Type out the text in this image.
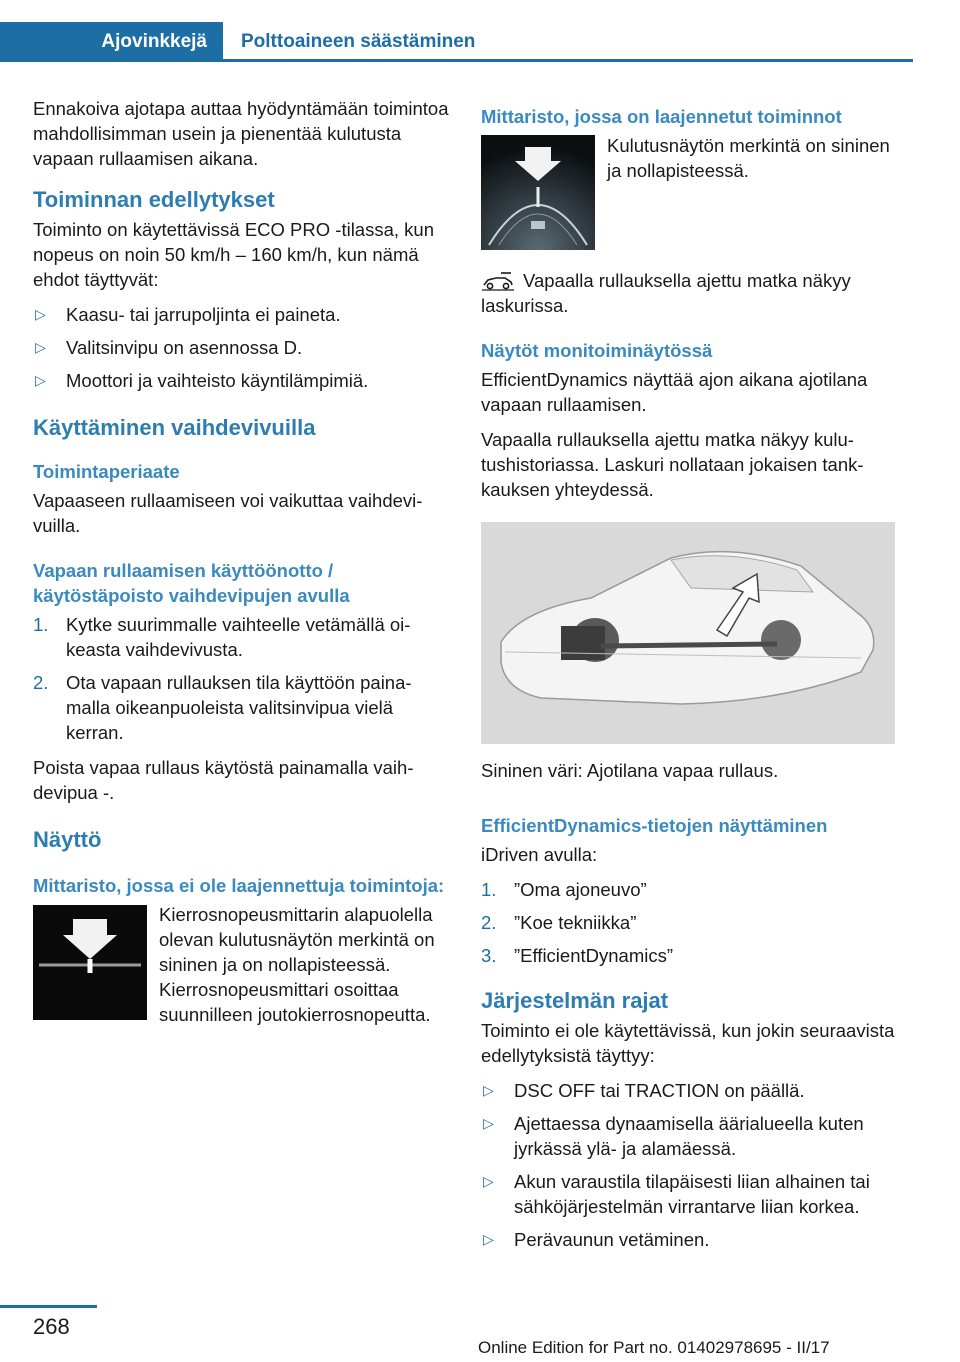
Ajovinkkejä	Polttoaineen säästäminen

Ennakoiva ajotapa auttaa hyödyntämään toimintoa mahdollisimman usein ja pienentää kulutusta vapaan rullaamisen aikana.

Toiminnan edellytykset

Toiminto on käytettävissä ECO PRO -tilassa, kun nopeus on noin 50 km/h – 160 km/h, kun nämä ehdot täyttyvät:

▷ Kaasu- tai jarrupoljinta ei paineta.
▷ Valitsinvipu on asennossa D.
▷ Moottori ja vaihteisto käyntilämpimiä.
Käyttäminen vaihdevivuilla
Toimintaperiaate

Vapaaseen rullaamiseen voi vaikuttaa vaihdevivuilla.

Vapaan rullaamisen käyttöönotto / käytöstäpoisto vaihdevipujen avulla
1. Kytke suurimmalle vaihteelle vetämällä oikeasta vaihdevivusta.
2. Ota vapaan rullauksen tila käyttöön painamalla oikeanpuoleista valitsinvipua vielä kerran.

Poista vapaa rullaus käytöstä painamalla vaihdevipua -.

Näyttö
Mittaristo, jossa ei ole laajennettuja toimintoja:
Kierrosnopeusmittarin alapuolella olevan kulutusnäytön merkintä on sininen ja on nollapisteessä. Kierrosnopeusmittari osoittaa suunnilleen joutokierrosnopeutta.
Mittaristo, jossa on laajennetut toiminnot
Kulutusnäytön merkintä on sininen ja nollapisteessä.

Vapaalla rullauksella ajettu matka näkyy laskurissa.

Näytöt monitoiminäytössä

EfficientDynamics näyttää ajon aikana ajotilana vapaan rullaamisen.

Vapaalla rullauksella ajettu matka näkyy kulutushistoriassa. Laskuri nollataan jokaisen tankkauksen yhteydessä.

Sininen väri: Ajotilana vapaa rullaus.

EfficientDynamics-tietojen näyttäminen

iDriven avulla:

1. ”Oma ajoneuvo”
2. ”Koe tekniikka”
3. ”EfficientDynamics”
Järjestelmän rajat

Toiminto ei ole käytettävissä, kun jokin seuraavista edellytyksistä täyttyy:

▷ DSC OFF tai TRACTION on päällä.
▷ Ajettaessa dynaamisella äärialueella kuten jyrkässä ylä- ja alamäessä.
▷ Akun varaustila tilapäisesti liian alhainen tai sähköjärjestelmän virrantarve liian korkea.
▷ Perävaunun vetäminen.
268
Online Edition for Part no. 01402978695 - II/17
